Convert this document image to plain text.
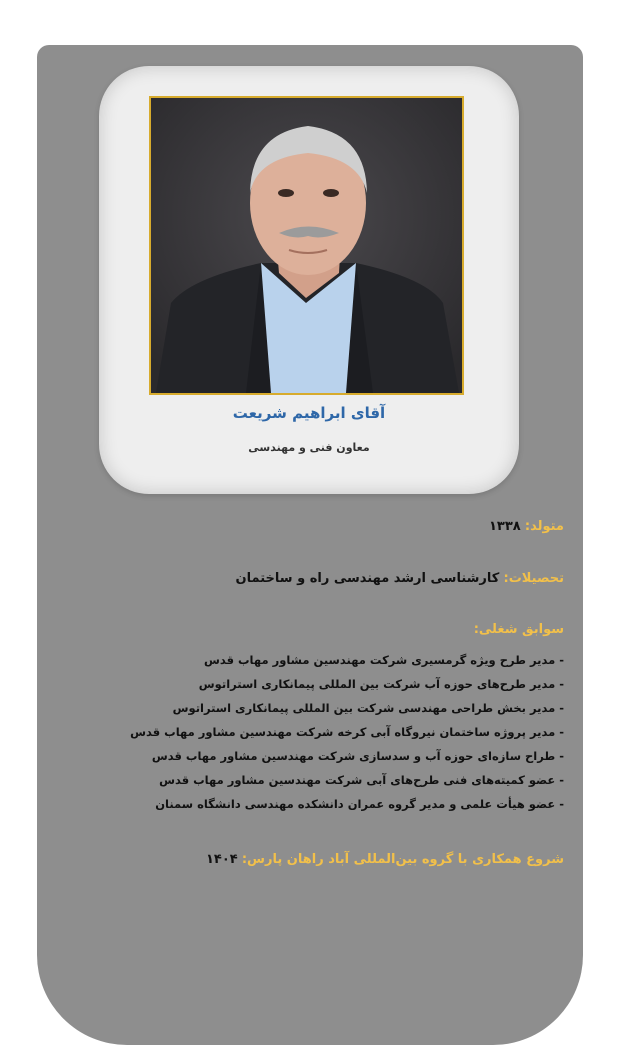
آقای ابراهیم شریعت
معاون فنی و مهندسی
متولد: ۱۳۳۸
تحصیلات: کارشناسی ارشد مهندسی راه و ساختمان
سوابق شغلی:
- مدیر طرح ویژه گرمسیری شرکت مهندسین مشاور مهاب قدس
- مدیر طرح‌های حوزه آب شرکت بین المللی پیمانکاری استراتوس
- مدیر بخش طراحی مهندسی شرکت بین المللی پیمانکاری استراتوس
- مدیر پروژه ساختمان نیروگاه آبی کرخه شرکت مهندسین مشاور مهاب قدس
- طراح سازه‌ای حوزه آب و سدسازی شرکت مهندسین مشاور مهاب قدس
- عضو کمیته‌های فنی طرح‌های آبی شرکت مهندسین مشاور مهاب قدس
- عضو هیأت علمی و مدیر گروه عمران دانشکده مهندسی دانشگاه سمنان
شروع همکاری با گروه بین‌المللی آباد راهان پارس: ۱۴۰۴
